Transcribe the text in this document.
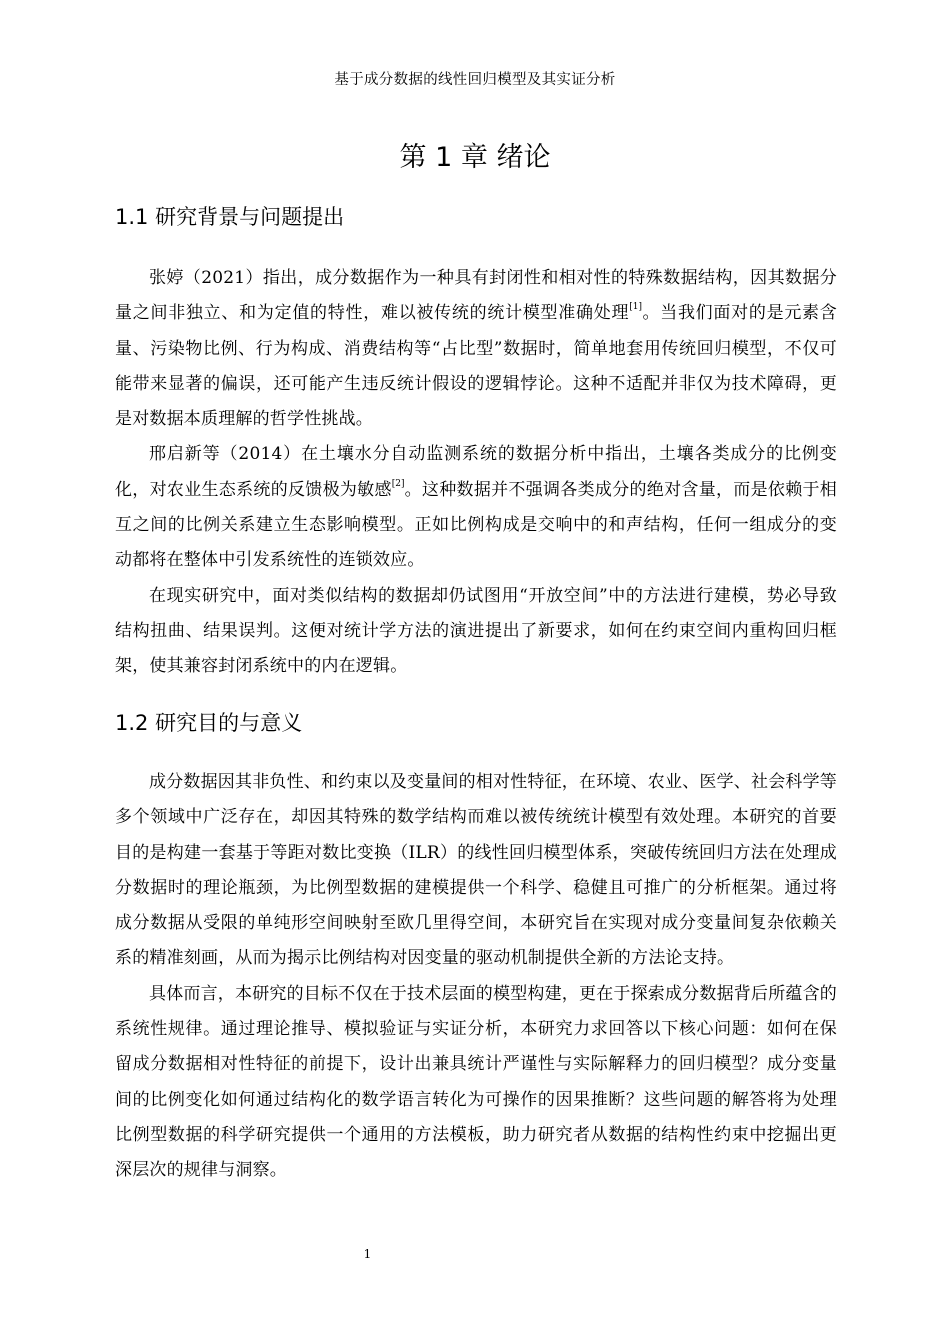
基于成分数据的线性回归模型及其实证分析
第 1 章 绪论
1.1 研究背景与问题提出

张婷（2021）指出，成分数据作为一种具有封闭性和相对性的特殊数据结构，因其数据分量之间非独立、和为定值的特性，难以被传统的统计模型准确处理[1]。当我们面对的是元素含量、污染物比例、行为构成、消费结构等“占比型”数据时，简单地套用传统回归模型，不仅可能带来显著的偏误，还可能产生违反统计假设的逻辑悖论。这种不适配并非仅为技术障碍，更是对数据本质理解的哲学性挑战。

邢启新等（2014）在土壤水分自动监测系统的数据分析中指出，土壤各类成分的比例变化，对农业生态系统的反馈极为敏感[2]。这种数据并不强调各类成分的绝对含量，而是依赖于相互之间的比例关系建立生态影响模型。正如比例构成是交响中的和声结构，任何一组成分的变动都将在整体中引发系统性的连锁效应。

在现实研究中，面对类似结构的数据却仍试图用“开放空间”中的方法进行建模，势必导致结构扭曲、结果误判。这便对统计学方法的演进提出了新要求，如何在约束空间内重构回归框架，使其兼容封闭系统中的内在逻辑。

1.2 研究目的与意义

成分数据因其非负性、和约束以及变量间的相对性特征，在环境、农业、医学、社会科学等多个领域中广泛存在，却因其特殊的数学结构而难以被传统统计模型有效处理。本研究的首要目的是构建一套基于等距对数比变换（ILR）的线性回归模型体系，突破传统回归方法在处理成分数据时的理论瓶颈，为比例型数据的建模提供一个科学、稳健且可推广的分析框架。通过将成分数据从受限的单纯形空间映射至欧几里得空间，本研究旨在实现对成分变量间复杂依赖关系的精准刻画，从而为揭示比例结构对因变量的驱动机制提供全新的方法论支持。

具体而言，本研究的目标不仅在于技术层面的模型构建，更在于探索成分数据背后所蕴含的系统性规律。通过理论推导、模拟验证与实证分析，本研究力求回答以下核心问题：如何在保留成分数据相对性特征的前提下，设计出兼具统计严谨性与实际解释力的回归模型？成分变量间的比例变化如何通过结构化的数学语言转化为可操作的因果推断？这些问题的解答将为处理比例型数据的科学研究提供一个通用的方法模板，助力研究者从数据的结构性约束中挖掘出更深层次的规律与洞察。

1
